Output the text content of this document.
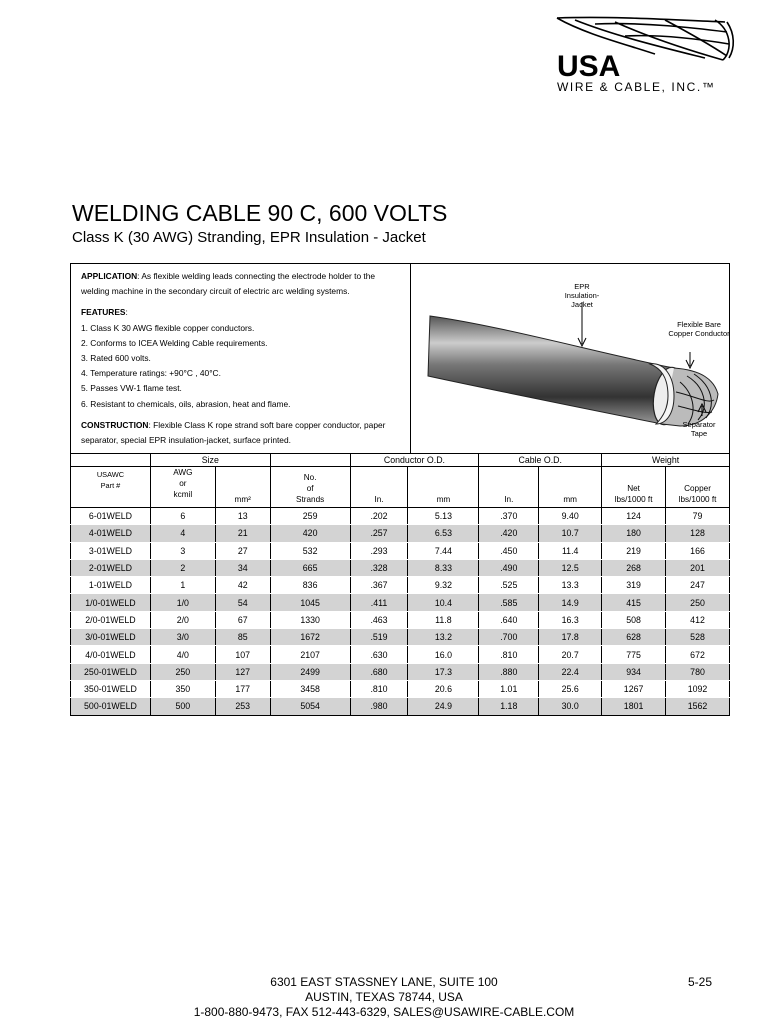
USA
WIRE & CABLE, INC.™
WELDING CABLE 90 C, 600 VOLTS
Class K (30 AWG) Stranding, EPR Insulation - Jacket

APPLICATION: As flexible welding leads connecting the electrode holder to the welding machine in the secondary circuit of electric arc welding systems.

FEATURES:

1. Class K 30 AWG flexible copper conductors.

2. Conforms to ICEA Welding Cable requirements.

3. Rated 600 volts.

4. Temperature ratings: +90°C , 40°C.

5. Passes VW-1 flame test.

6. Resistant to chemicals, oils, abrasion, heat and flame.

CONSTRUCTION: Flexible Class K rope strand soft bare copper conductor, paper separator, special EPR insulation-jacket, surface printed.

EPR Insulation- Jacket
Flexible Bare Copper Conductor
Separator Tape
	Size			Conductor O.D.		Cable O.D.		Weight	
USAWC
Part #	AWG
or
kcmil	mm²	No.
of
Strands	In.	mm	In.	mm	Net
lbs/1000 ft	Copper
lbs/1000 ft
6-01WELD	6	13	259	.202	5.13	.370	9.40	124	79
4-01WELD	4	21	420	.257	6.53	.420	10.7	180	128
3-01WELD	3	27	532	.293	7.44	.450	11.4	219	166
2-01WELD	2	34	665	.328	8.33	.490	12.5	268	201
1-01WELD	1	42	836	.367	9.32	.525	13.3	319	247
1/0-01WELD	1/0	54	1045	.411	10.4	.585	14.9	415	250
2/0-01WELD	2/0	67	1330	.463	11.8	.640	16.3	508	412
3/0-01WELD	3/0	85	1672	.519	13.2	.700	17.8	628	528
4/0-01WELD	4/0	107	2107	.630	16.0	.810	20.7	775	672
250-01WELD	250	127	2499	.680	17.3	.880	22.4	934	780
350-01WELD	350	177	3458	.810	20.6	1.01	25.6	1267	1092
500-01WELD	500	253	5054	.980	24.9	1.18	30.0	1801	1562
6301 EAST STASSNEY LANE, SUITE 100
AUSTIN, TEXAS 78744, USA
1-800-880-9473, FAX 512-443-6329, SALES@USAWIRE-CABLE.COM
5-25
